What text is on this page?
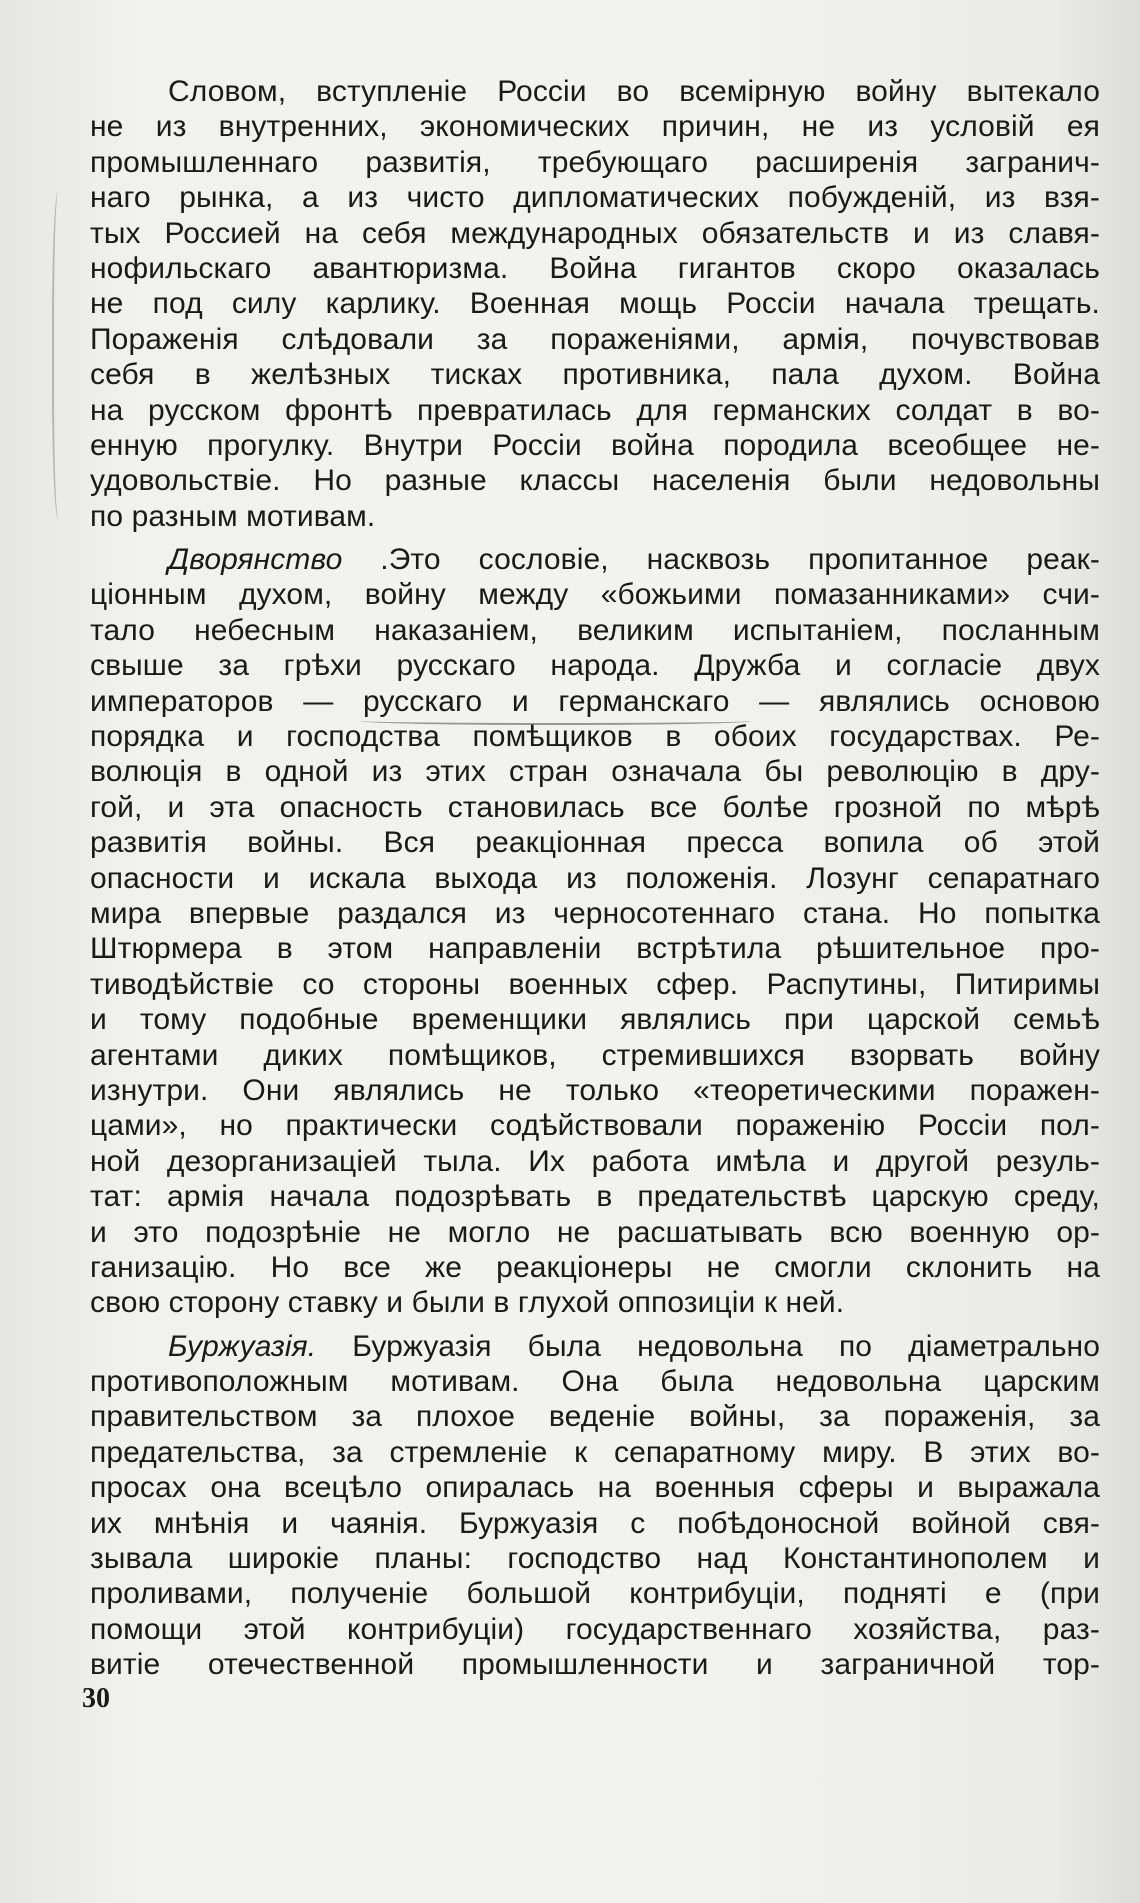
Словом, вступленіе Россіи во всемірную войну вытекало
не из внутренних, экономических причин, не из условій ея
промышленнаго развитія, требующаго расширенія загранич-
наго рынка, а из чисто дипломатических побужденій, из взя-
тых Россией на себя международных обязательств и из славя-
нофильскаго авантюризма. Война гигантов скоро оказалась
не под силу карлику. Военная мощь Россіи начала трещать.
Пораженія слѣдовали за пораженіями, армія, почувствовав
себя в желѣзных тисках противника, пала духом. Война
на русском фронтѣ превратилась для германских солдат в во-
енную прогулку. Внутри Россіи война породила всеобщее не-
удовольствіе. Но разные классы населенія были недовольны
по разным мотивам.
Дворянство .Это сословіе, насквозь пропитанное реак-
ціонным духом, войну между «божьими помазанниками» счи-
тало небесным наказаніем, великим испытаніем, посланным
свыше за грѣхи русскаго народа. Дружба и согласіе двух
императоров — русскаго и германскаго — являлись основою
порядка и господства помѣщиков в обоих государствах. Ре-
волюція в одной из этих стран означала бы революцію в дру-
гой, и эта опасность становилась все болѣе грозной по мѣрѣ
развитія войны. Вся реакціонная пресса вопила об этой
опасности и искала выхода из положенія. Лозунг сепаратнаго
мира впервые раздался из черносотеннаго стана. Но попытка
Штюрмера в этом направленіи встрѣтила рѣшительное про-
тиводѣйствіе со стороны военных сфер. Распутины, Питиримы
и тому подобные временщики являлись при царской семьѣ
агентами диких помѣщиков, стремившихся взорвать войну
изнутри. Они являлись не только «теоретическими поражен-
цами», но практически содѣйствовали пораженію Россіи пол-
ной дезорганизаціей тыла. Их работа имѣла и другой резуль-
тат: армія начала подозрѣвать в предательствѣ царскую среду,
и это подозрѣніе не могло не расшатывать всю военную ор-
ганизацію. Но все же реакціонеры не смогли склонить на
свою сторону ставку и были в глухой оппозиціи к ней.
Буржуазія. Буржуазія была недовольна по діаметрально
противоположным мотивам. Она была недовольна царским
правительством за плохое веденіе войны, за пораженія, за
предательства, за стремленіе к сепаратному миру. В этих во-
просах она всецѣло опиралась на военныя сферы и выражала
их мнѣнія и чаянія. Буржуазія с побѣдоносной войной свя-
зывала широкіе планы: господство над Константинополем и
проливами, полученіе большой контрибуціи, подняті е (при
помощи этой контрибуціи) государственнаго хозяйства, раз-
витіе отечественной промышленности и заграничной тор-
30
